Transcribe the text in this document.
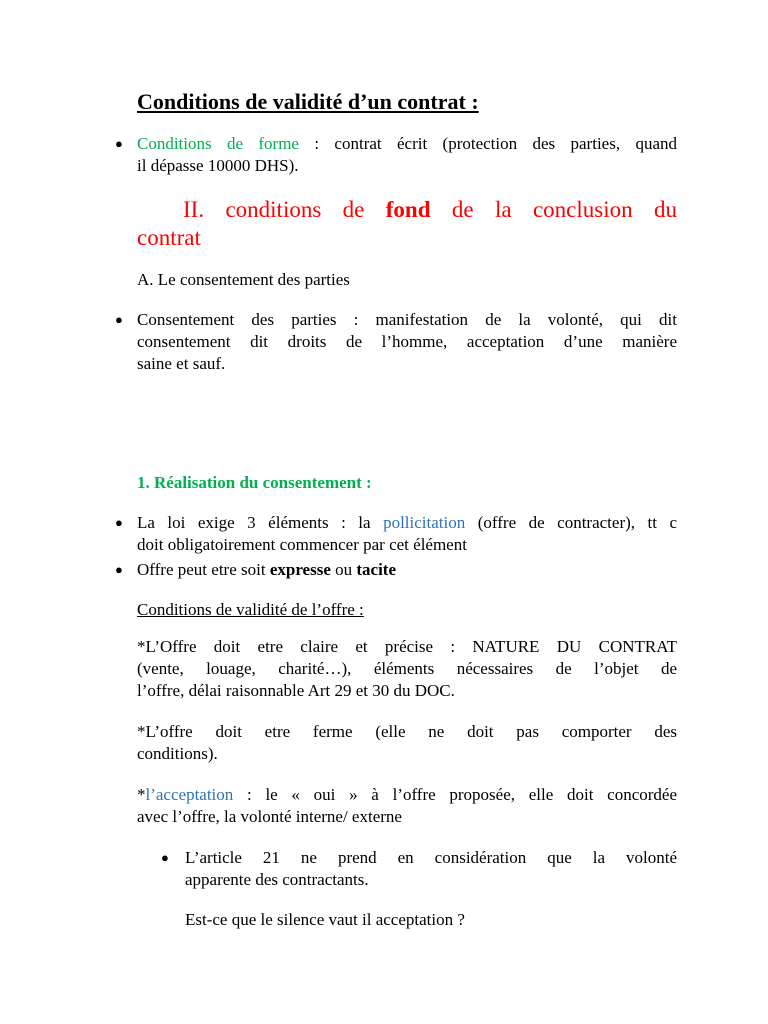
Conditions de validité d’un contrat :
● Conditions de forme : contrat écrit (protection des parties, quand
il dépasse 10000 DHS).
II. conditions de fond de la conclusion du
contrat
A. Le consentement des parties
● Consentement des parties : manifestation de la volonté, qui dit
consentement dit droits de l’homme, acceptation d’une manière
saine et sauf.
1. Réalisation du consentement :
● La loi exige 3 éléments : la pollicitation (offre de contracter), tt c
doit obligatoirement commencer par cet élément
● Offre peut etre soit expresse ou tacite
Conditions de validité de l’offre :
*L’Offre doit etre claire et précise : NATURE DU CONTRAT
(vente, louage, charité…), éléments nécessaires de l’objet de
l’offre, délai raisonnable Art 29 et 30 du DOC.
*L’offre doit etre ferme (elle ne doit pas comporter des
conditions).
*l’acceptation : le « oui » à l’offre proposée, elle doit concordée
avec l’offre, la volonté interne/ externe
● L’article 21 ne prend en considération que la volonté
apparente des contractants.
Est-ce que le silence vaut il acceptation ?
